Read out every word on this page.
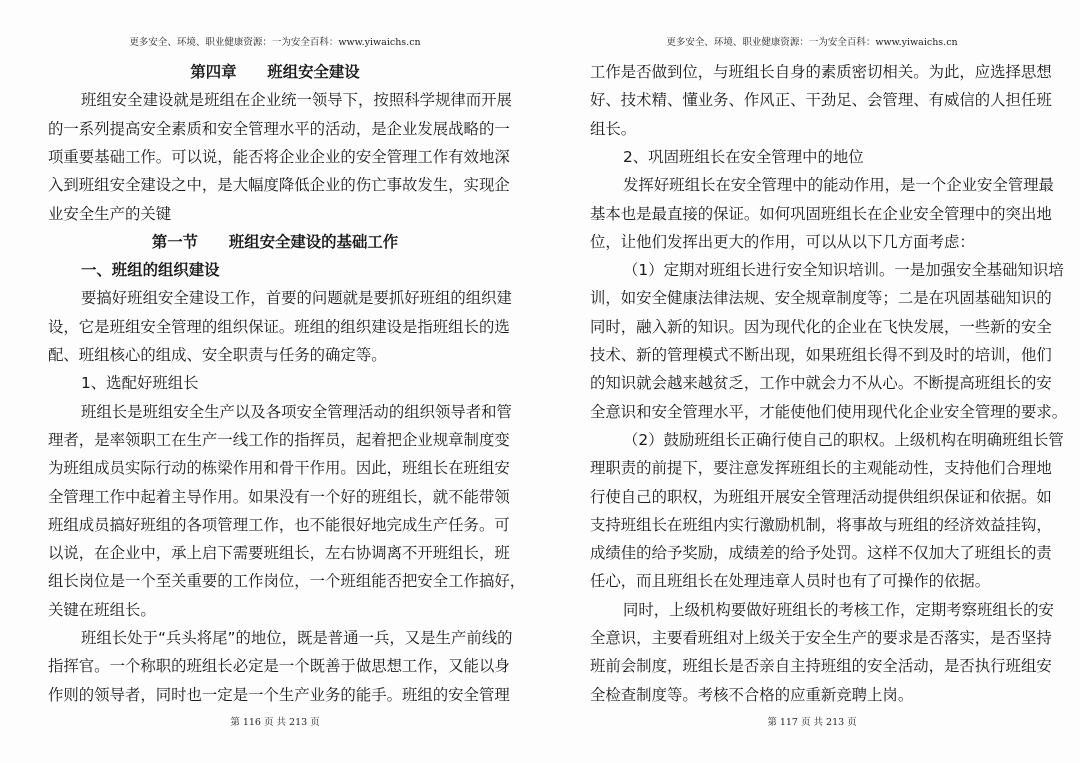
更多安全、环境、职业健康资源：一为安全百科：www.yiwaichs.cn
第四章　　班组安全建设
班组安全建设就是班组在企业统一领导下，按照科学规律而开展
的一系列提高安全素质和安全管理水平的活动，是企业发展战略的一
项重要基础工作。可以说，能否将企业企业的安全管理工作有效地深
入到班组安全建设之中，是大幅度降低企业的伤亡事故发生，实现企
业安全生产的关键
第一节　　班组安全建设的基础工作
一、班组的组织建设
要搞好班组安全建设工作，首要的问题就是要抓好班组的组织建
设，它是班组安全管理的组织保证。班组的组织建设是指班组长的选
配、班组核心的组成、安全职责与任务的确定等。
1、选配好班组长
班组长是班组安全生产以及各项安全管理活动的组织领导者和管
理者，是率领职工在生产一线工作的指挥员，起着把企业规章制度变
为班组成员实际行动的栋梁作用和骨干作用。因此，班组长在班组安
全管理工作中起着主导作用。如果没有一个好的班组长，就不能带领
班组成员搞好班组的各项管理工作，也不能很好地完成生产任务。可
以说，在企业中，承上启下需要班组长，左右协调离不开班组长，班
组长岗位是一个至关重要的工作岗位，一个班组能否把安全工作搞好，
关键在班组长。
班组长处于“兵头将尾”的地位，既是普通一兵，又是生产前线的
指挥官。一个称职的班组长必定是一个既善于做思想工作，又能以身
作则的领导者，同时也一定是一个生产业务的能手。班组的安全管理
第 116 页 共 213 页
更多安全、环境、职业健康资源：一为安全百科：www.yiwaichs.cn
工作是否做到位，与班组长自身的素质密切相关。为此，应选择思想
好、技术精、懂业务、作风正、干劲足、会管理、有威信的人担任班
组长。
2、巩固班组长在安全管理中的地位
发挥好班组长在安全管理中的能动作用，是一个企业安全管理最
基本也是最直接的保证。如何巩固班组长在企业安全管理中的突出地
位，让他们发挥出更大的作用，可以从以下几方面考虑：
（1）定期对班组长进行安全知识培训。一是加强安全基础知识培
训，如安全健康法律法规、安全规章制度等；二是在巩固基础知识的
同时，融入新的知识。因为现代化的企业在飞快发展，一些新的安全
技术、新的管理模式不断出现，如果班组长得不到及时的培训，他们
的知识就会越来越贫乏，工作中就会力不从心。不断提高班组长的安
全意识和安全管理水平，才能使他们使用现代化企业安全管理的要求。
（2）鼓励班组长正确行使自己的职权。上级机构在明确班组长管
理职责的前提下，要注意发挥班组长的主观能动性，支持他们合理地
行使自己的职权，为班组开展安全管理活动提供组织保证和依据。如
支持班组长在班组内实行激励机制，将事故与班组的经济效益挂钩，
成绩佳的给予奖励，成绩差的给予处罚。这样不仅加大了班组长的责
任心，而且班组长在处理违章人员时也有了可操作的依据。
同时，上级机构要做好班组长的考核工作，定期考察班组长的安
全意识，主要看班组对上级关于安全生产的要求是否落实，是否坚持
班前会制度，班组长是否亲自主持班组的安全活动，是否执行班组安
全检查制度等。考核不合格的应重新竞聘上岗。
第 117 页 共 213 页
